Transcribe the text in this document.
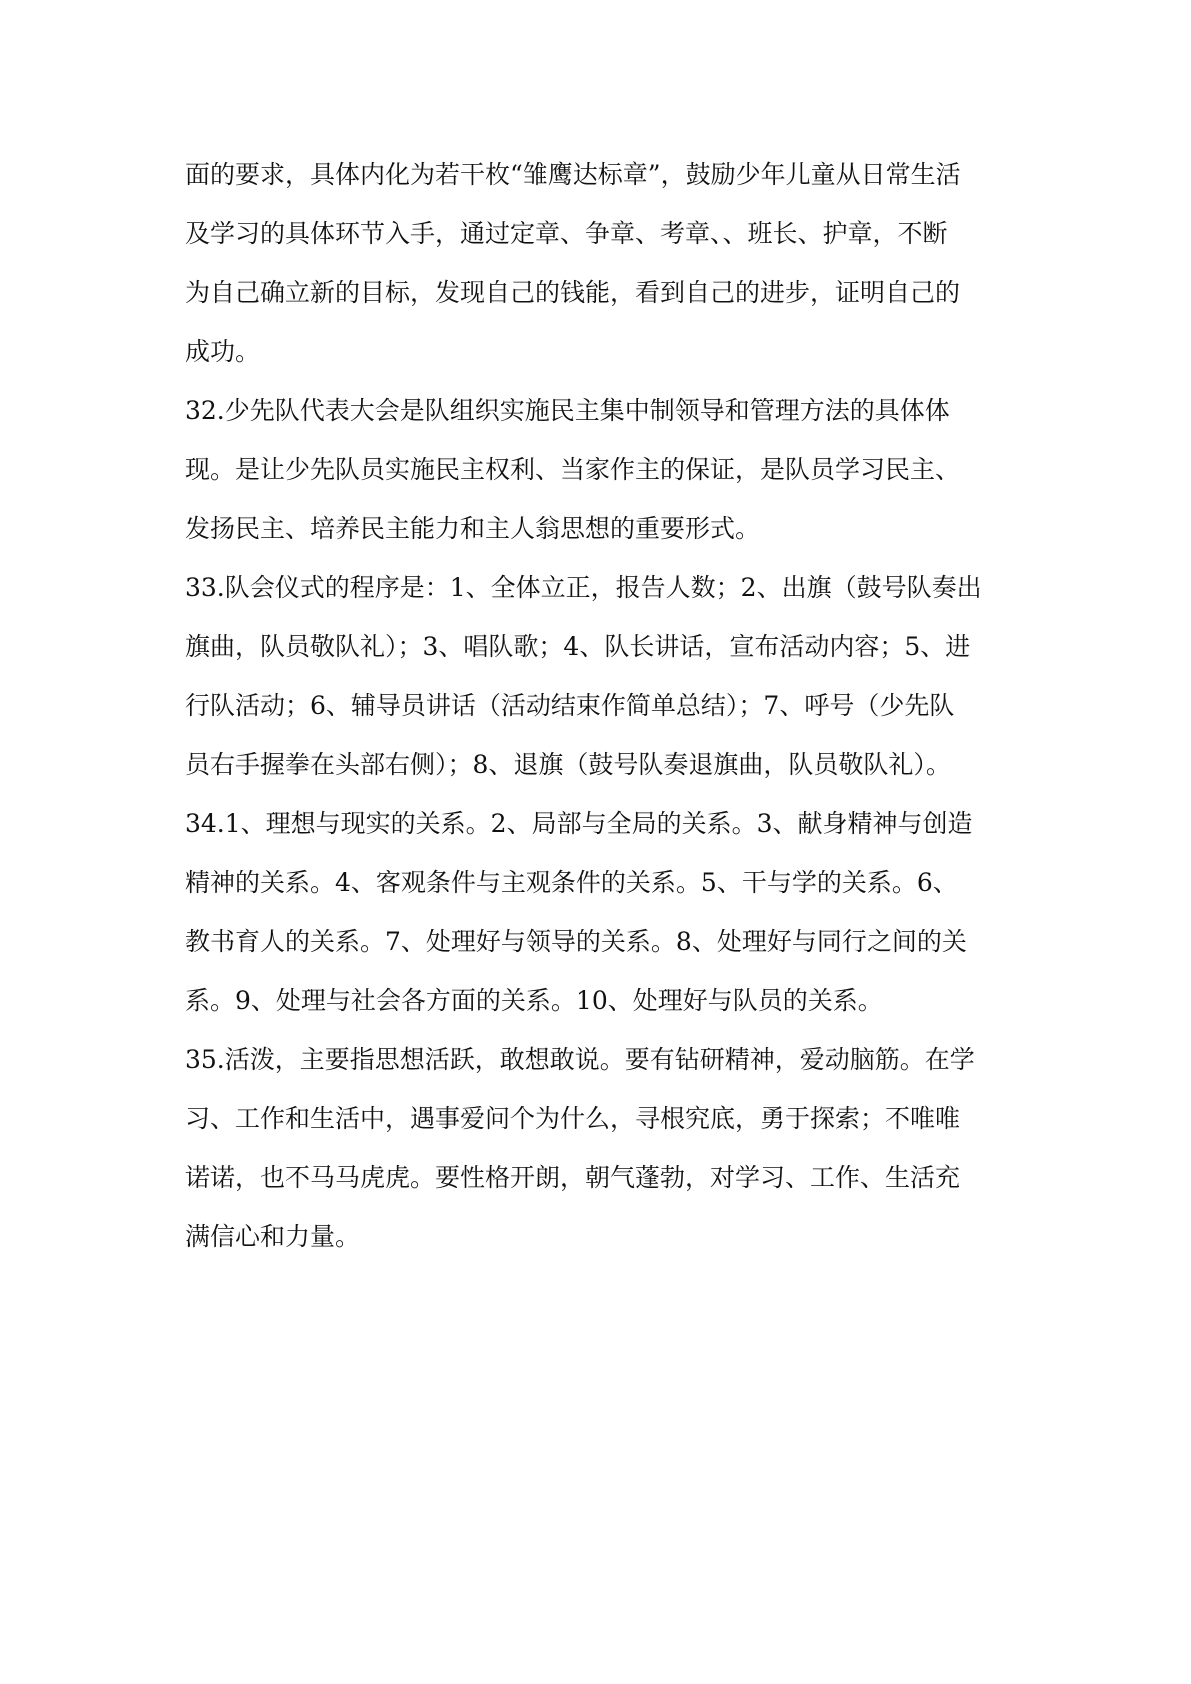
面的要求，具体内化为若干枚“雏鹰达标章”，鼓励少年儿童从日常生活
及学习的具体环节入手，通过定章、争章、考章、、班长、护章，不断
为自己确立新的目标，发现自己的钱能，看到自己的进步，证明自己的
成功。
32.少先队代表大会是队组织实施民主集中制领导和管理方法的具体体
现。是让少先队员实施民主权利、当家作主的保证，是队员学习民主、
发扬民主、培养民主能力和主人翁思想的重要形式。
33.队会仪式的程序是：1、全体立正，报告人数；2、出旗（鼓号队奏出
旗曲，队员敬队礼）；3、唱队歌；4、队长讲话，宣布活动内容；5、进
行队活动；6、辅导员讲话（活动结束作简单总结）；7、呼号（少先队
员右手握拳在头部右侧）；8、退旗（鼓号队奏退旗曲，队员敬队礼）。
34.1、理想与现实的关系。2、局部与全局的关系。3、献身精神与创造
精神的关系。4、客观条件与主观条件的关系。5、干与学的关系。6、
教书育人的关系。7、处理好与领导的关系。8、处理好与同行之间的关
系。9、处理与社会各方面的关系。10、处理好与队员的关系。
35.活泼，主要指思想活跃，敢想敢说。要有钻研精神，爱动脑筋。在学
习、工作和生活中，遇事爱问个为什么，寻根究底，勇于探索；不唯唯
诺诺，也不马马虎虎。要性格开朗，朝气蓬勃，对学习、工作、生活充
满信心和力量。
